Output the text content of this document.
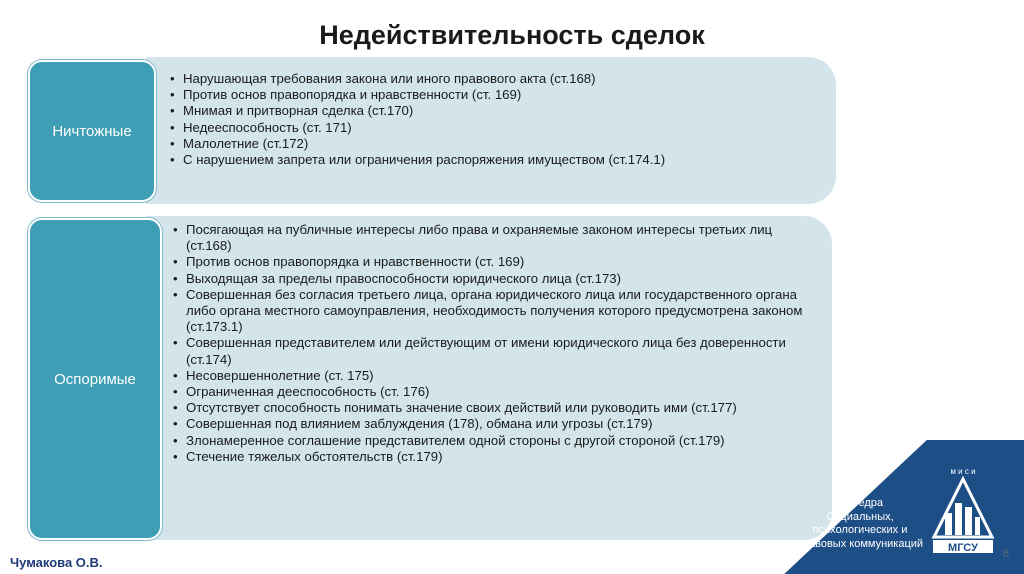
Недействительность сделок
Ничтожные
• Нарушающая требования закона или иного правового акта (ст.168)
• Против основ правопорядка и нравственности (ст. 169)
• Мнимая и притворная сделка (ст.170)
• Недееспособность (ст. 171)
• Малолетние (ст.172)
• С нарушением запрета или ограничения распоряжения имуществом (ст.174.1)
Оспоримые
• Посягающая на публичные интересы либо права и охраняемые законом интересы третьих лиц (ст.168)
• Против основ правопорядка и нравственности (ст. 169)
• Выходящая за пределы правоспособности юридического лица (ст.173)
• Совершенная без согласия третьего лица, органа юридического лица или государственного органа либо органа местного самоуправления, необходимость получения которого предусмотрена законом (ст.173.1)
• Совершенная представителем или действующим от имени юридического лица без доверенности (ст.174)
• Несовершеннолетние (ст. 175)
• Ограниченная дееспособность (ст. 176)
• Отсутствует способность понимать значение своих действий или руководить ими (ст.177)
• Совершенная под влиянием заблуждения (178), обмана или угрозы (ст.179)
• Злонамеренное соглашение представителем одной стороны с другой стороной (ст.179)
• Стечение тяжелых обстоятельств (ст.179)
Кафедра
Социальных,
психологических и
правовых коммуникаций
м и с и
МГСУ
Чумакова О.В.
8
